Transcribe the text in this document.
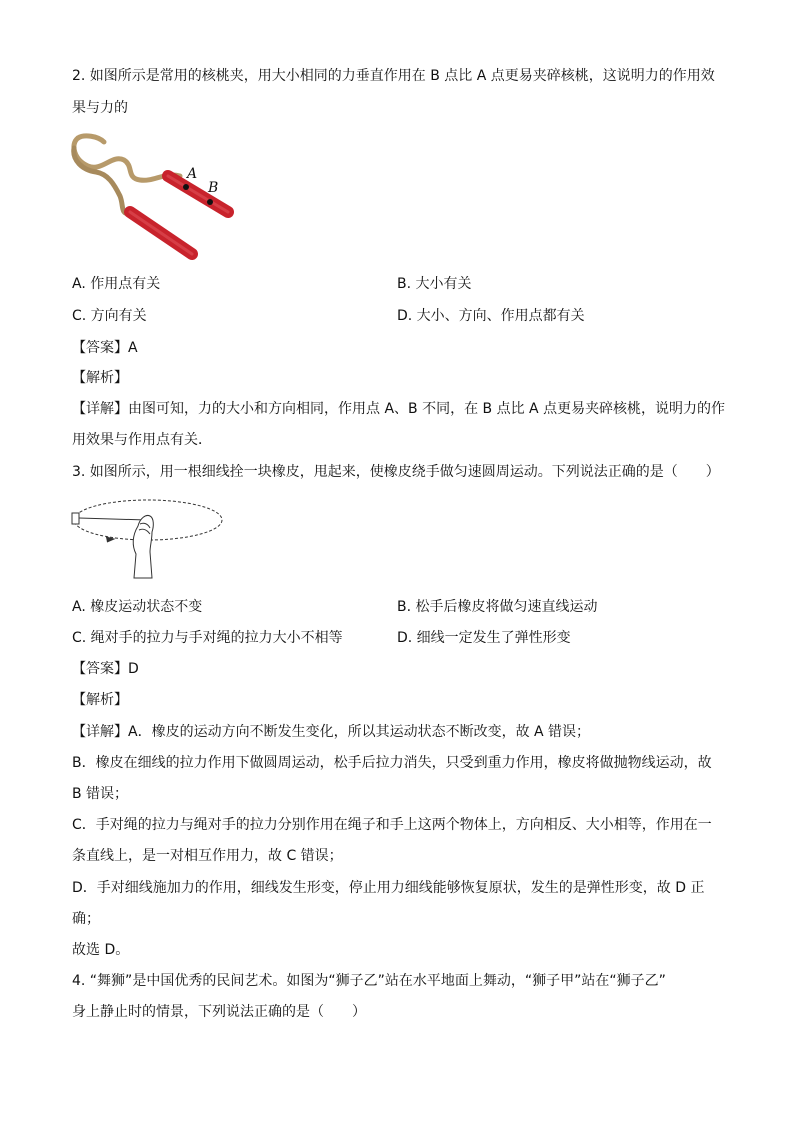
2. 如图所示是常用的核桃夹，用大小相同的力垂直作用在 B 点比 A 点更易夹碎核桃，这说明力的作用效
果与力的
A
B
A. 作用点有关	B. 大小有关
C. 方向有关	D. 大小、方向、作用点都有关
【答案】A
【解析】
【详解】由图可知，力的大小和方向相同，作用点 A、B 不同，在 B 点比 A 点更易夹碎核桃，说明力的作
用效果与作用点有关．
3. 如图所示，用一根细线拴一块橡皮，甩起来，使橡皮绕手做匀速圆周运动。下列说法正确的是（　　）
A. 橡皮运动状态不变	B. 松手后橡皮将做匀速直线运动
C. 绳对手的拉力与手对绳的拉力大小不相等	D. 细线一定发生了弹性形变
【答案】D
【解析】
【详解】A．橡皮的运动方向不断发生变化，所以其运动状态不断改变，故 A 错误；
B．橡皮在细线的拉力作用下做圆周运动，松手后拉力消失，只受到重力作用，橡皮将做抛物线运动，故
B 错误；
C．手对绳的拉力与绳对手的拉力分别作用在绳子和手上这两个物体上，方向相反、大小相等，作用在一
条直线上，是一对相互作用力，故 C 错误；
D．手对细线施加力的作用，细线发生形变，停止用力细线能够恢复原状，发生的是弹性形变，故 D 正
确；
故选 D。
4. “舞狮”是中国优秀的民间艺术。如图为“狮子乙”站在水平地面上舞动，“狮子甲”站在“狮子乙”
身上静止时的情景，下列说法正确的是（　　）
